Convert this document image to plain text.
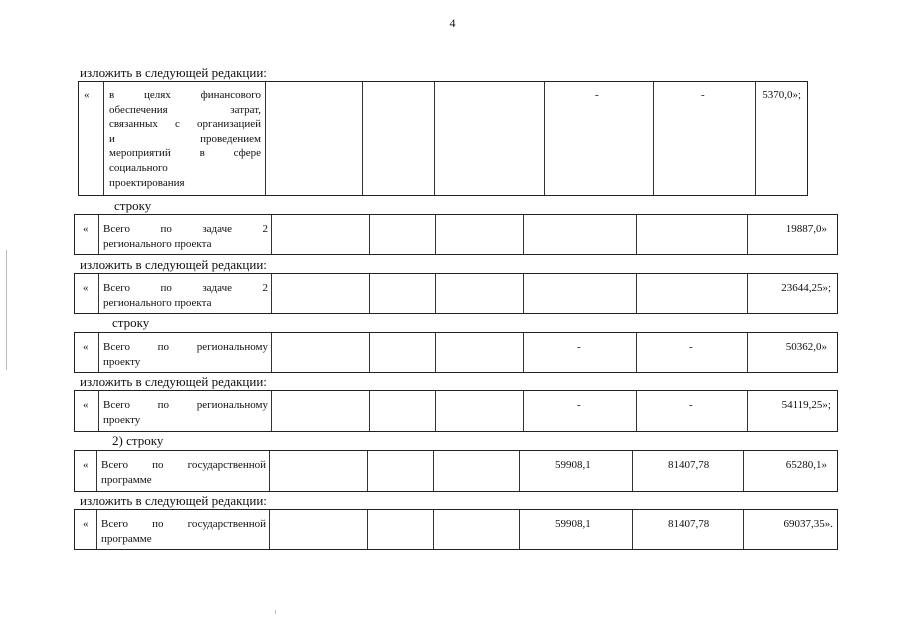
4
изложить в следующей редакции:
« в целях финансового
обеспечения затрат,
связанных с организацией
и проведением
мероприятий в сфере
социального
проектирования
-	-	5370,0»;
строку
« Всего по задаче 2
регионального проекта
19887,0»
изложить в следующей редакции:
« Всего по задаче 2
регионального проекта
23644,25»;
строку
« Всего по региональному
проекту
-	-	50362,0»
изложить в следующей редакции:
« Всего по региональному
проекту
-	-	54119,25»;
2) строку
« Всего по государственной
программе
59908,1	81407,78	65280,1»
изложить в следующей редакции:
« Всего по государственной
программе
59908,1	81407,78	69037,35».
